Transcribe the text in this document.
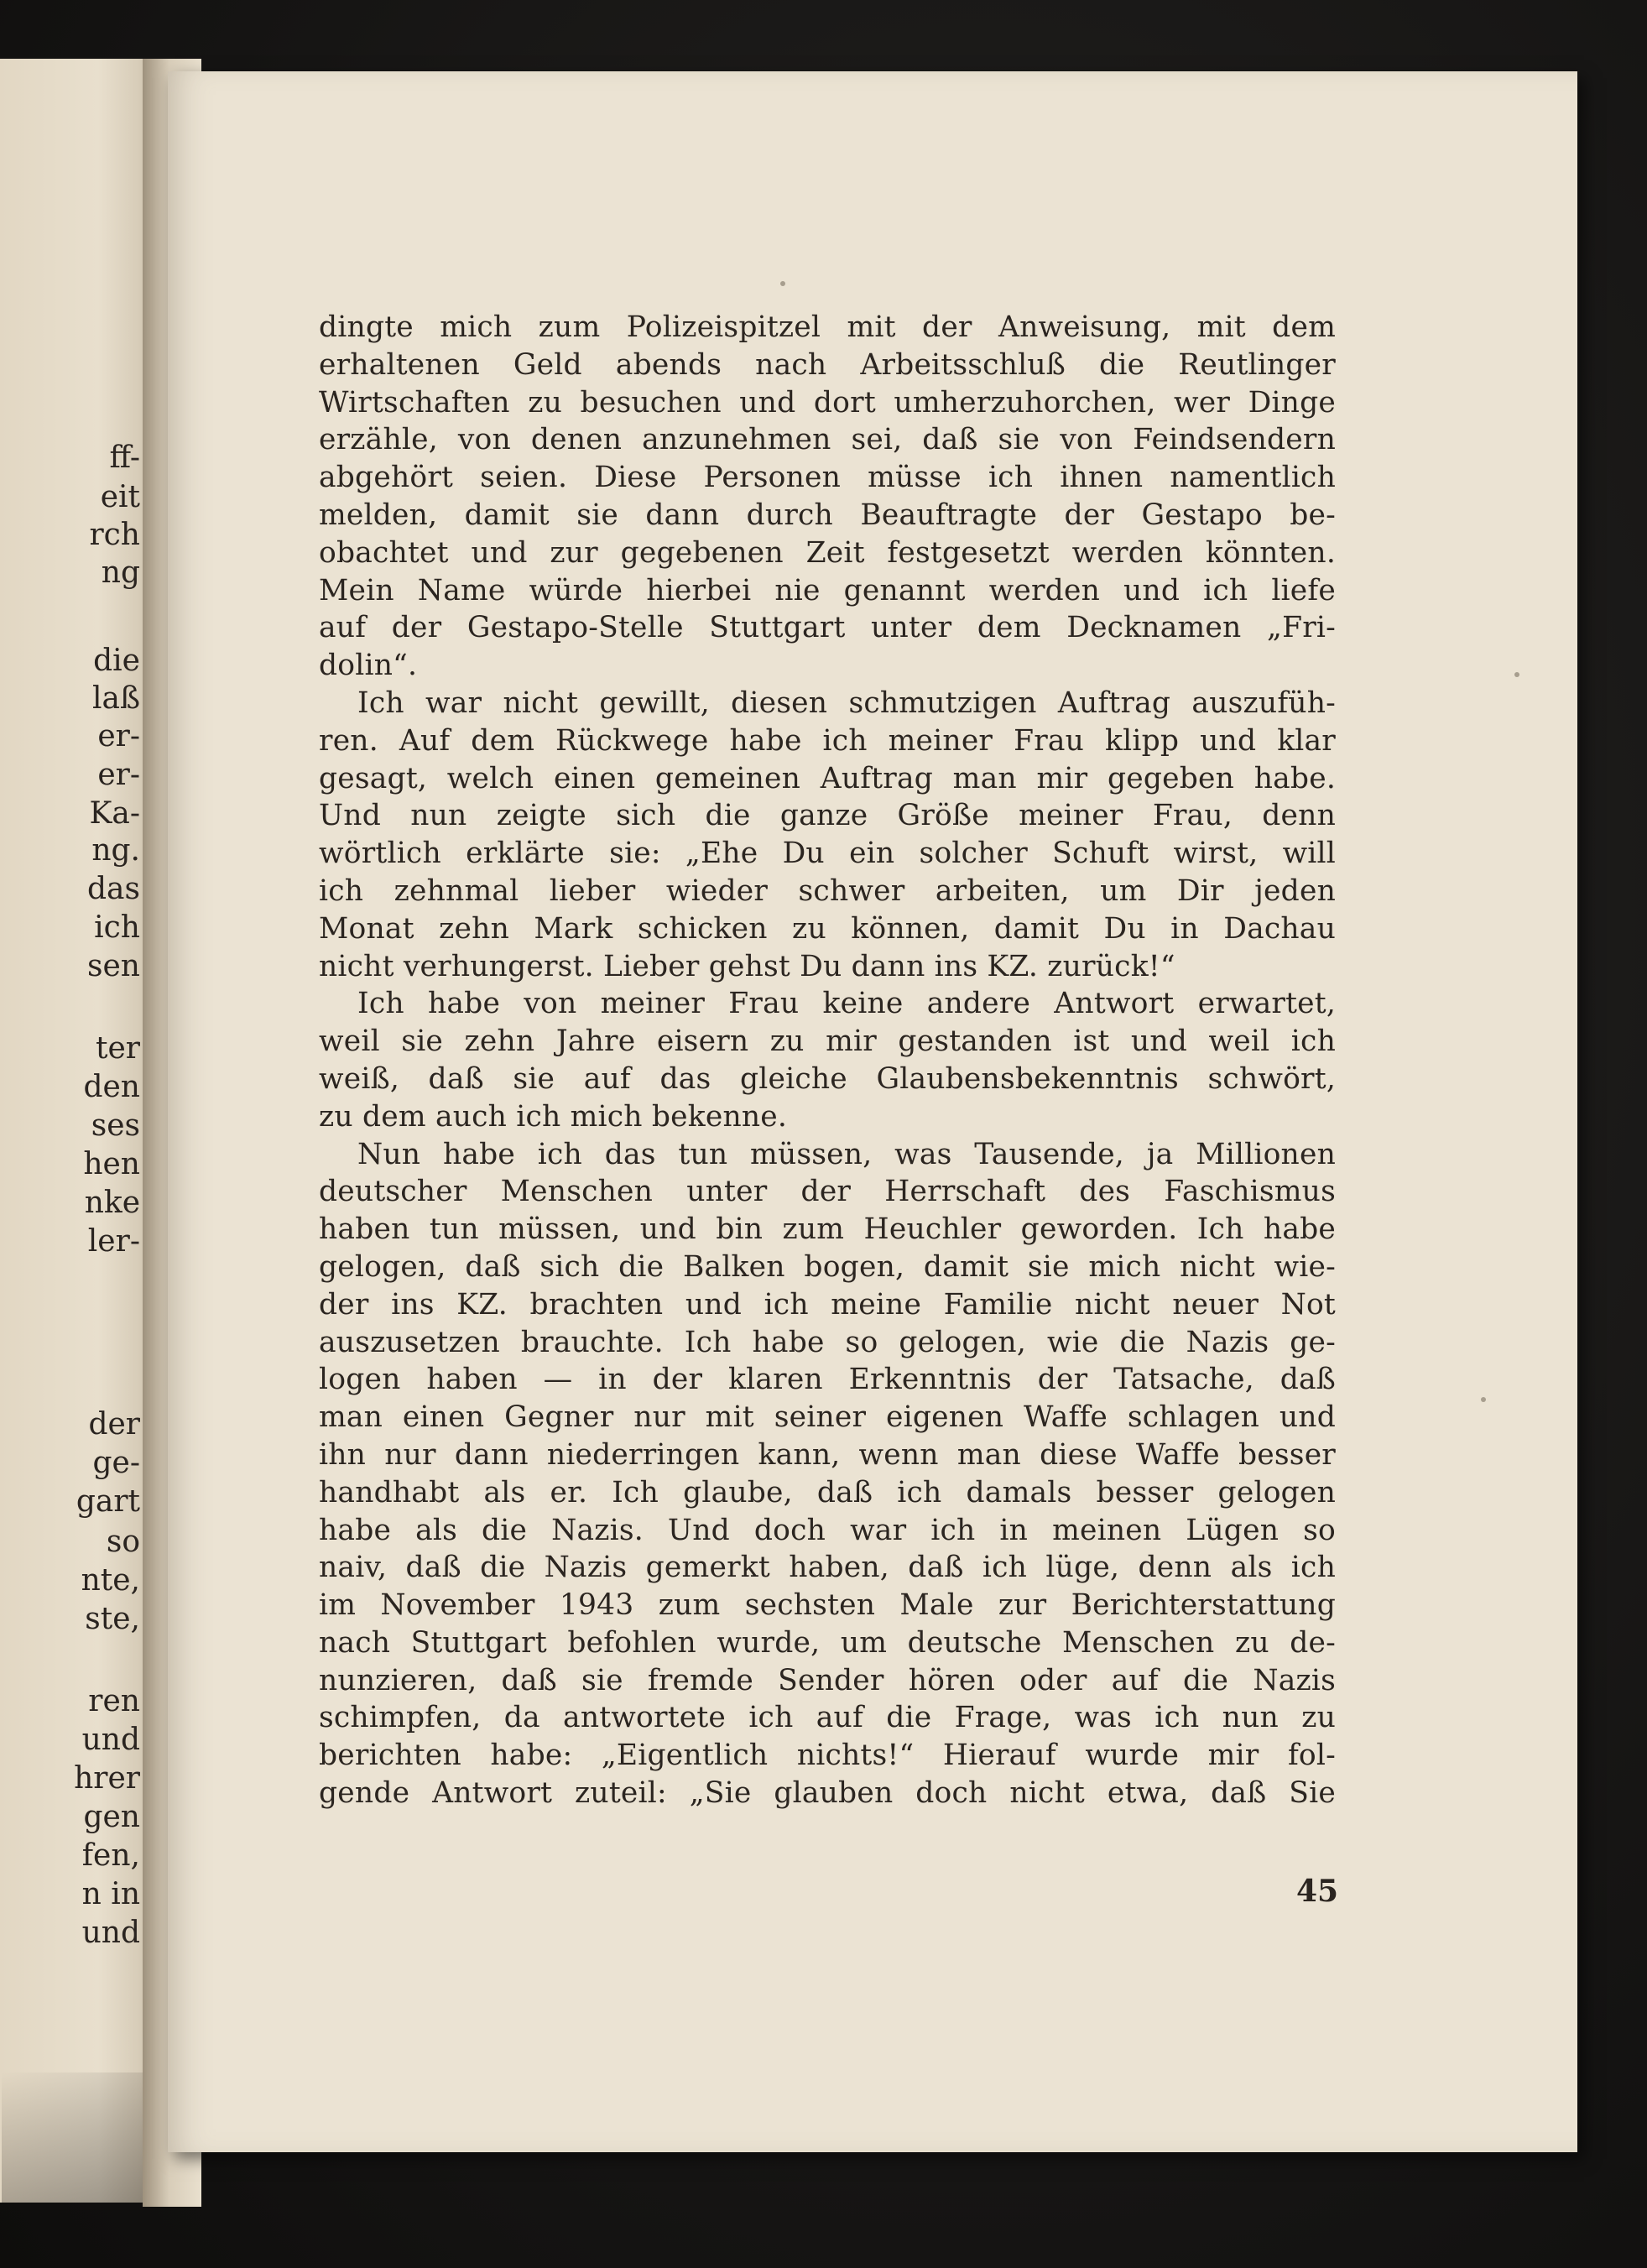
ff-
eit
rch
ng
die
laß
er-
er-
Ka-
ng.
das
ich
sen
ter
den
ses
hen
nke
ler-
der
ge-
gart
so
nte,
ste,
ren
und
hrer
gen
fen,
n in
und
dingte mich zum Polizeispitzel mit der Anweisung, mit dem
erhaltenen Geld abends nach Arbeitsschluß die Reutlinger
Wirtschaften zu besuchen und dort umherzuhorchen, wer Dinge
erzähle, von denen anzunehmen sei, daß sie von Feindsendern
abgehört seien. Diese Personen müsse ich ihnen namentlich
melden, damit sie dann durch Beauftragte der Gestapo be-
obachtet und zur gegebenen Zeit festgesetzt werden könnten.
Mein Name würde hierbei nie genannt werden und ich liefe
auf der Gestapo-Stelle Stuttgart unter dem Decknamen „Fri-
dolin“.
Ich war nicht gewillt, diesen schmutzigen Auftrag auszufüh-
ren. Auf dem Rückwege habe ich meiner Frau klipp und klar
gesagt, welch einen gemeinen Auftrag man mir gegeben habe.
Und nun zeigte sich die ganze Größe meiner Frau, denn
wörtlich erklärte sie: „Ehe Du ein solcher Schuft wirst, will
ich zehnmal lieber wieder schwer arbeiten, um Dir jeden
Monat zehn Mark schicken zu können, damit Du in Dachau
nicht verhungerst. Lieber gehst Du dann ins KZ. zurück!“
Ich habe von meiner Frau keine andere Antwort erwartet,
weil sie zehn Jahre eisern zu mir gestanden ist und weil ich
weiß, daß sie auf das gleiche Glaubensbekenntnis schwört,
zu dem auch ich mich bekenne.
Nun habe ich das tun müssen, was Tausende, ja Millionen
deutscher Menschen unter der Herrschaft des Faschismus
haben tun müssen, und bin zum Heuchler geworden. Ich habe
gelogen, daß sich die Balken bogen, damit sie mich nicht wie-
der ins KZ. brachten und ich meine Familie nicht neuer Not
auszusetzen brauchte. Ich habe so gelogen, wie die Nazis ge-
logen haben — in der klaren Erkenntnis der Tatsache, daß
man einen Gegner nur mit seiner eigenen Waffe schlagen und
ihn nur dann niederringen kann, wenn man diese Waffe besser
handhabt als er. Ich glaube, daß ich damals besser gelogen
habe als die Nazis. Und doch war ich in meinen Lügen so
naiv, daß die Nazis gemerkt haben, daß ich lüge, denn als ich
im November 1943 zum sechsten Male zur Berichterstattung
nach Stuttgart befohlen wurde, um deutsche Menschen zu de-
nunzieren, daß sie fremde Sender hören oder auf die Nazis
schimpfen, da antwortete ich auf die Frage, was ich nun zu
berichten habe: „Eigentlich nichts!“ Hierauf wurde mir fol-
gende Antwort zuteil: „Sie glauben doch nicht etwa, daß Sie
45
